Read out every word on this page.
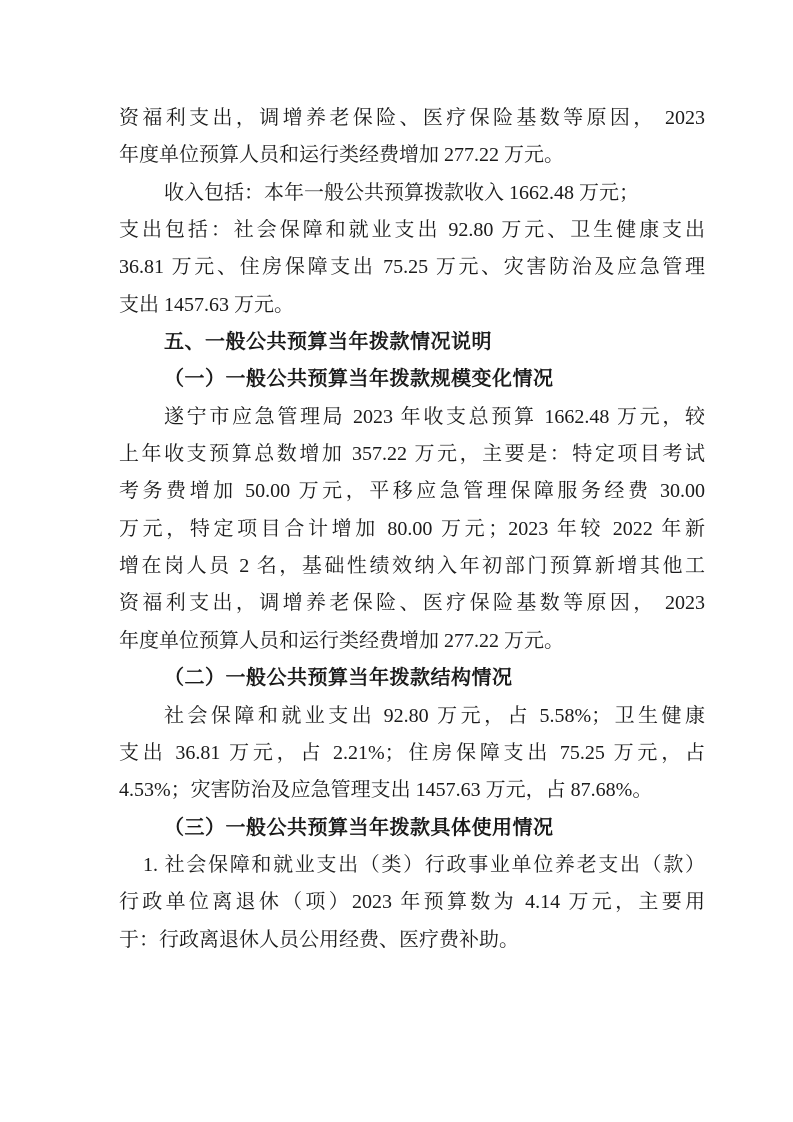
资福利支出，调增养老保险、医疗保险基数等原因， 2023
年度单位预算人员和运行类经费增加 277.22 万元。
收入包括：本年一般公共预算拨款收入 1662.48 万元；
支出包括：社会保障和就业支出 92.80 万元、卫生健康支出
36.81 万元、住房保障支出 75.25 万元、灾害防治及应急管理
支出 1457.63 万元。
五、一般公共预算当年拨款情况说明
（一）一般公共预算当年拨款规模变化情况
遂宁市应急管理局 2023 年收支总预算 1662.48 万元，较
上年收支预算总数增加 357.22 万元，主要是：特定项目考试
考务费增加 50.00 万元，平移应急管理保障服务经费 30.00
万元，特定项目合计增加 80.00 万元；2023 年较 2022 年新
增在岗人员 2 名，基础性绩效纳入年初部门预算新增其他工
资福利支出，调增养老保险、医疗保险基数等原因， 2023
年度单位预算人员和运行类经费增加 277.22 万元。
（二）一般公共预算当年拨款结构情况
社会保障和就业支出 92.80 万元，占 5.58%；卫生健康
支出 36.81 万元，占 2.21%；住房保障支出 75.25 万元，占
4.53%；灾害防治及应急管理支出 1457.63 万元，占 87.68%。
（三）一般公共预算当年拨款具体使用情况
1. 社会保障和就业支出（类）行政事业单位养老支出（款）
行政单位离退休（项）2023 年预算数为 4.14 万元，主要用
于：行政离退休人员公用经费、医疗费补助。
